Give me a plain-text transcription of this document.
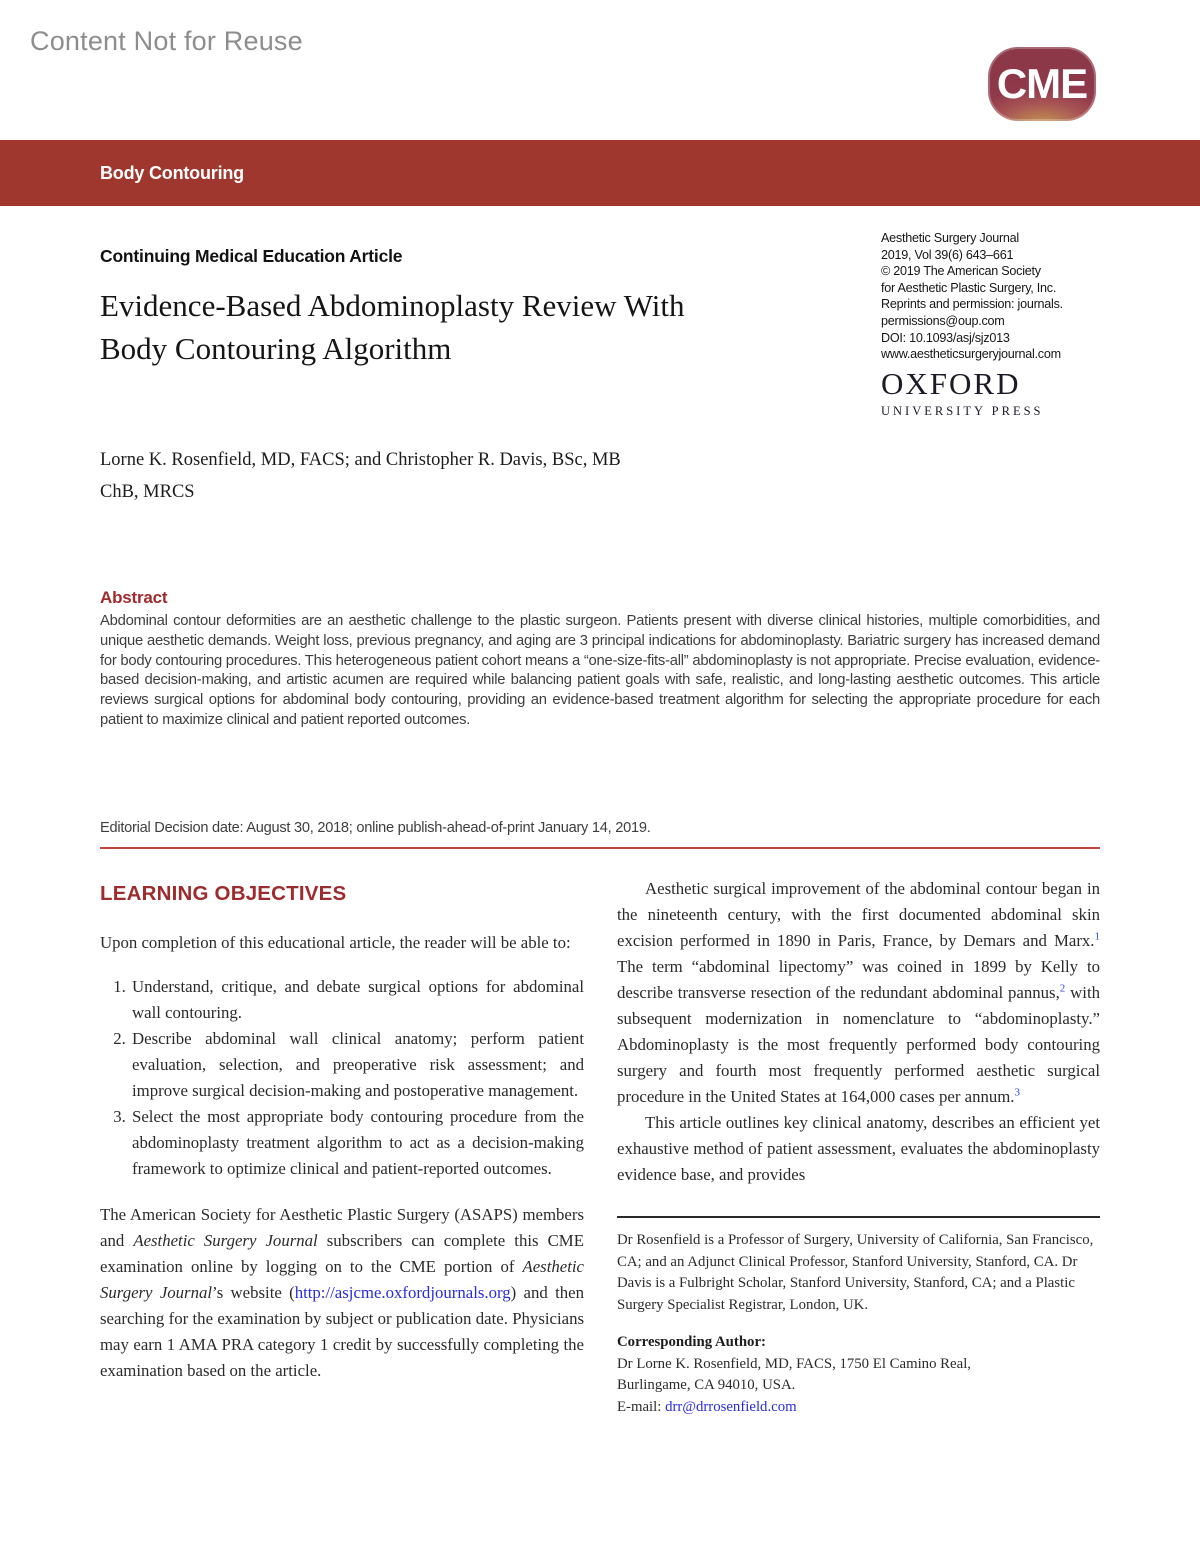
Content Not for Reuse
CME
Body Contouring
Continuing Medical Education Article
Evidence-Based Abdominoplasty Review With
Body Contouring Algorithm
Aesthetic Surgery Journal
2019, Vol 39(6) 643–661
© 2019 The American Society
for Aesthetic Plastic Surgery, Inc.
Reprints and permission: journals.
permissions@oup.com
DOI: 10.1093/asj/sjz013
www.aestheticsurgeryjournal.com
OXFORD
UNIVERSITY PRESS
Lorne K. Rosenfield, MD, FACS; and Christopher R. Davis, BSc, MB
ChB, MRCS
Abstract
Abdominal contour deformities are an aesthetic challenge to the plastic surgeon. Patients present with diverse clinical histories, multiple comorbidities, and unique aesthetic demands. Weight loss, previous pregnancy, and aging are 3 principal indications for abdominoplasty. Bariatric surgery has increased demand for body contouring procedures. This heterogeneous patient cohort means a “one-size-fits-all” abdominoplasty is not appropriate. Precise evaluation, evidence-based decision-making, and artistic acumen are required while balancing patient goals with safe, realistic, and long-lasting aesthetic outcomes. This article reviews surgical options for abdominal body contouring, providing an evidence-based treatment algorithm for selecting the appropriate procedure for each patient to maximize clinical and patient reported outcomes.
Editorial Decision date: August 30, 2018; online publish-ahead-of-print January 14, 2019.
LEARNING OBJECTIVES
Upon completion of this educational article, the reader will be able to:
1. Understand, critique, and debate surgical options for abdominal wall contouring.
2. Describe abdominal wall clinical anatomy; perform patient evaluation, selection, and preoperative risk assessment; and improve surgical decision-making and postoperative management.
3. Select the most appropriate body contouring procedure from the abdominoplasty treatment algorithm to act as a decision-making framework to optimize clinical and patient-reported outcomes.
The American Society for Aesthetic Plastic Surgery (ASAPS) members and Aesthetic Surgery Journal subscribers can complete this CME examination online by logging on to the CME portion of Aesthetic Surgery Journal’s website (http://asjcme.oxfordjournals.org) and then searching for the examination by subject or publication date. Physicians may earn 1 AMA PRA category 1 credit by successfully completing the examination based on the article.
Aesthetic surgical improvement of the abdominal contour began in the nineteenth century, with the first documented abdominal skin excision performed in 1890 in Paris, France, by Demars and Marx.$^1$ The term “abdominal lipectomy” was coined in 1899 by Kelly to describe transverse resection of the redundant abdominal pannus,$^2$ with subsequent modernization in nomenclature to “abdominoplasty.” Abdominoplasty is the most frequently performed body contouring surgery and fourth most frequently performed aesthetic surgical procedure in the United States at 164,000 cases per annum.$^3$
This article outlines key clinical anatomy, describes an efficient yet exhaustive method of patient assessment, evaluates the abdominoplasty evidence base, and provides
Dr Rosenfield is a Professor of Surgery, University of California, San Francisco, CA; and an Adjunct Clinical Professor, Stanford University, Stanford, CA. Dr Davis is a Fulbright Scholar, Stanford University, Stanford, CA; and a Plastic Surgery Specialist Registrar, London, UK.
Corresponding Author:
Dr Lorne K. Rosenfield, MD, FACS, 1750 El Camino Real,
Burlingame, CA 94010, USA.
E-mail: drr@drrosenfield.com
